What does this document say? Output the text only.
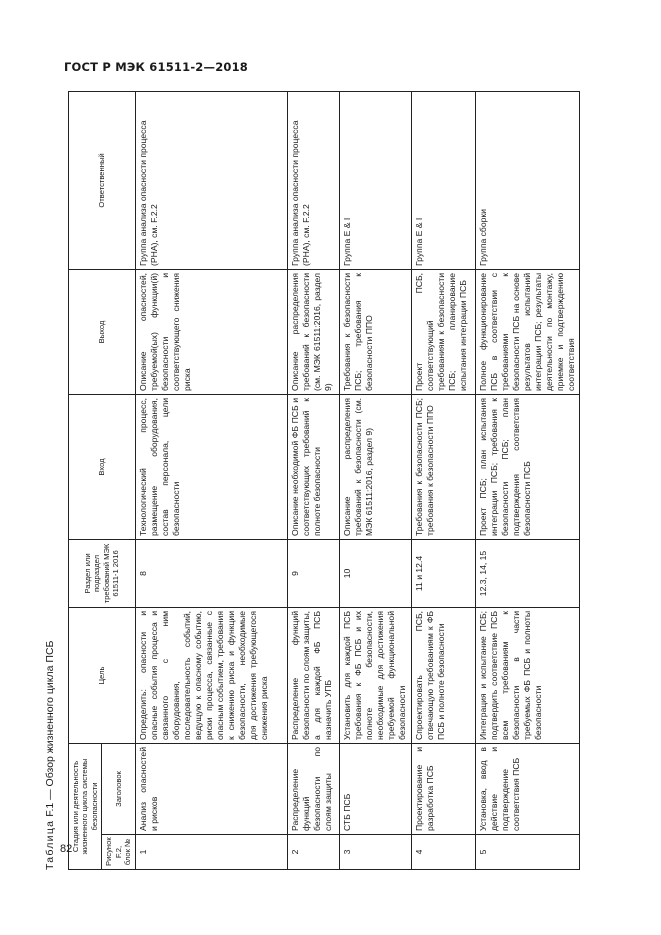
ГОСТ Р МЭК 61511-2—2018
82
Таблица F.1 — Обзор жизненного цикла ПСБ Стадия или деятельность жизненного цикла системы безопасности		Цель	Раздел или подраздел требований МЭК 61511-1 2016	Вход	Выход	Ответственный
Рисунок F.2, блок №	Заголовок					
1	Анализ опасностей и рисков	Определить: опасности и опасные события процесса и связанного с ним оборудования, последовательность событий, ведущую к опасному событию, риски процесса, связанные с опасным событием, требования к снижению риска и функции безопасности, необходимые для достижения требующегося снижения риска	8	Технологический процесс, размещение оборудования, состав персонала, цели безопасности	Описание опасностей, требуемой(ых) функции(й) безопасности и соответствующего снижения риска	Группа анализа опасности процесса (PHA), см. F.2.2
2	Распределение функций безопасности по слоям защиты	Распределение функций безопасности по слоям защиты, а для каждой ФБ ПСБ назначить УПБ	9	Описание необходимой ФБ ПСБ и соответствующих требований к полноте безопасности	Описание распределения требований к безопасности (см. МЭК 61511:2016, раздел 9)	Группа анализа опасности процесса (PHA), см. F.2.2
3	СТБ ПСБ	Установить для каждой ПСБ требования к ФБ ПСБ и их полноте безопасности, необходимые для достижения требуемой функциональной безопасности	10	Описание распределения требований к безопасности (см. МЭК 61511:2016, раздел 9)	Требования к безопасности ПСБ; требования к безопасности ППО	Группа Е & I
4	Проектирование и разработка ПСБ	Спроектировать ПСБ, отвечающую требованиям к ФБ ПСБ и полноте безопасности	11 и 12.4	Требования к безопасности ПСБ; требования к безопасности ППО	Проект ПСБ, соответствующий требованиям к безопасности ПСБ; планирование испытания интеграции ПСБ	Группа Е & I
5	Установка, ввод в действие и подтверждение соответствия ПСБ	Интеграция и испытание ПСБ; подтвердить соответствие ПСБ всем требованиям к безопасности в части требуемых ФБ ПСБ и полноты безопасности	12.3, 14, 15	Проект ПСБ; план испытания интеграции ПСБ; требования к безопасности ПСБ; план подтверждения соответствия безопасности ПСБ	Полное функционирование ПСБ в соответствии с требованиями к безопасности ПСБ на основе результатов испытаний интеграции ПСБ; результаты деятельности по монтажу, приемке и подтверждению соответствия	Группа сборки
